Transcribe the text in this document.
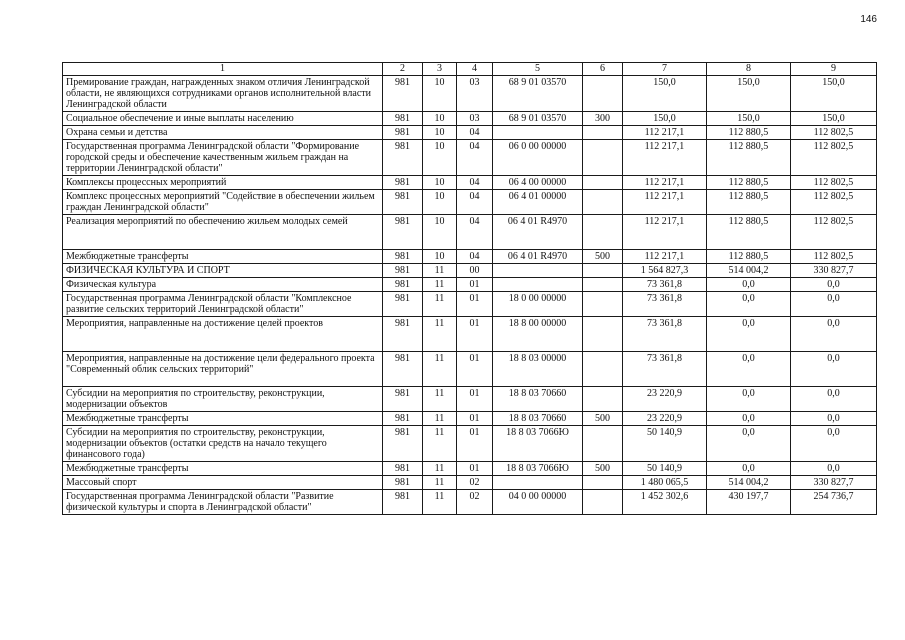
146
1	2	3	4	5	6	7	8	9
Премирование граждан, награжденных знаком отличия Ленинградской области, не являющихся сотрудниками органов исполнительной власти Ленинградской области	981	10	03	68 9 01 03570		150,0	150,0	150,0
Социальное обеспечение и иные выплаты населению	981	10	03	68 9 01 03570	300	150,0	150,0	150,0
Охрана семьи и детства	981	10	04			112 217,1	112 880,5	112 802,5
Государственная программа Ленинградской области "Формирование городской среды и обеспечение качественным жильем граждан на территории Ленинградской области"	981	10	04	06 0 00 00000		112 217,1	112 880,5	112 802,5
Комплексы процессных мероприятий	981	10	04	06 4 00 00000		112 217,1	112 880,5	112 802,5
Комплекс процессных мероприятий "Содействие в обеспечении жильем граждан Ленинградской области"	981	10	04	06 4 01 00000		112 217,1	112 880,5	112 802,5
Реализация мероприятий по обеспечению жильем молодых семей	981	10	04	06 4 01 R4970		112 217,1	112 880,5	112 802,5
Межбюджетные трансферты	981	10	04	06 4 01 R4970	500	112 217,1	112 880,5	112 802,5
ФИЗИЧЕСКАЯ КУЛЬТУРА И СПОРТ	981	11	00			1 564 827,3	514 004,2	330 827,7
Физическая культура	981	11	01			73 361,8	0,0	0,0
Государственная программа Ленинградской области "Комплексное развитие сельских территорий Ленинградской области"	981	11	01	18 0 00 00000		73 361,8	0,0	0,0
Мероприятия, направленные на достижение целей проектов	981	11	01	18 8 00 00000		73 361,8	0,0	0,0
Мероприятия, направленные на достижение цели федерального проекта "Современный облик сельских территорий"	981	11	01	18 8 03 00000		73 361,8	0,0	0,0
Субсидии на мероприятия по строительству, реконструкции, модернизации объектов	981	11	01	18 8 03 70660		23 220,9	0,0	0,0
Межбюджетные трансферты	981	11	01	18 8 03 70660	500	23 220,9	0,0	0,0
Субсидии на мероприятия по строительству, реконструкции, модернизации объектов (остатки средств на начало текущего финансового года)	981	11	01	18 8 03 7066Ю		50 140,9	0,0	0,0
Межбюджетные трансферты	981	11	01	18 8 03 7066Ю	500	50 140,9	0,0	0,0
Массовый спорт	981	11	02			1 480 065,5	514 004,2	330 827,7
Государственная программа Ленинградской области "Развитие физической культуры и спорта в Ленинградской области"	981	11	02	04 0 00 00000		1 452 302,6	430 197,7	254 736,7
